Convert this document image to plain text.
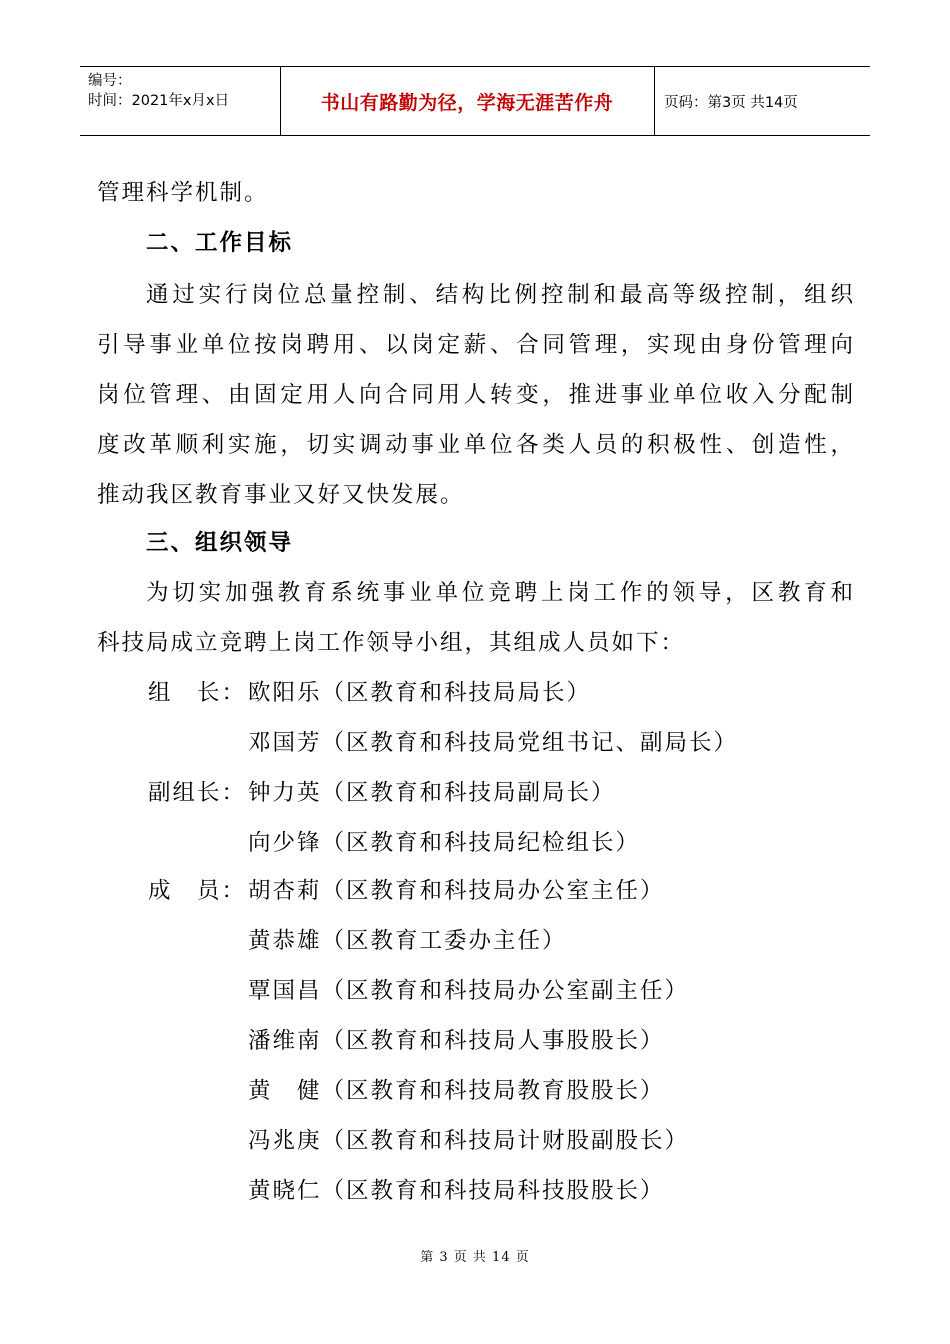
编号：
时间：2021年x月x日	书山有路勤为径，学海无涯苦作舟	页码：第3页 共14页
管理科学机制。
二、工作目标
通过实行岗位总量控制、结构比例控制和最高等级控制，组织
引导事业单位按岗聘用、以岗定薪、合同管理，实现由身份管理向
岗位管理、由固定用人向合同用人转变，推进事业单位收入分配制
度改革顺利实施，切实调动事业单位各类人员的积极性、创造性，
推动我区教育事业又好又快发展。
三、组织领导
为切实加强教育系统事业单位竞聘上岗工作的领导，区教育和
科技局成立竞聘上岗工作领导小组，其组成人员如下：
组　长： 欧阳乐（区教育和科技局局长）
邓国芳（区教育和科技局党组书记、副局长）
副组长： 钟力英（区教育和科技局副局长）
向少锋（区教育和科技局纪检组长）
成　员： 胡杏莉（区教育和科技局办公室主任）
黄恭雄（区教育工委办主任）
覃国昌（区教育和科技局办公室副主任）
潘维南（区教育和科技局人事股股长）
黄　健（区教育和科技局教育股股长）
冯兆庚（区教育和科技局计财股副股长）
黄晓仁（区教育和科技局科技股股长）
第 3 页 共 14 页
